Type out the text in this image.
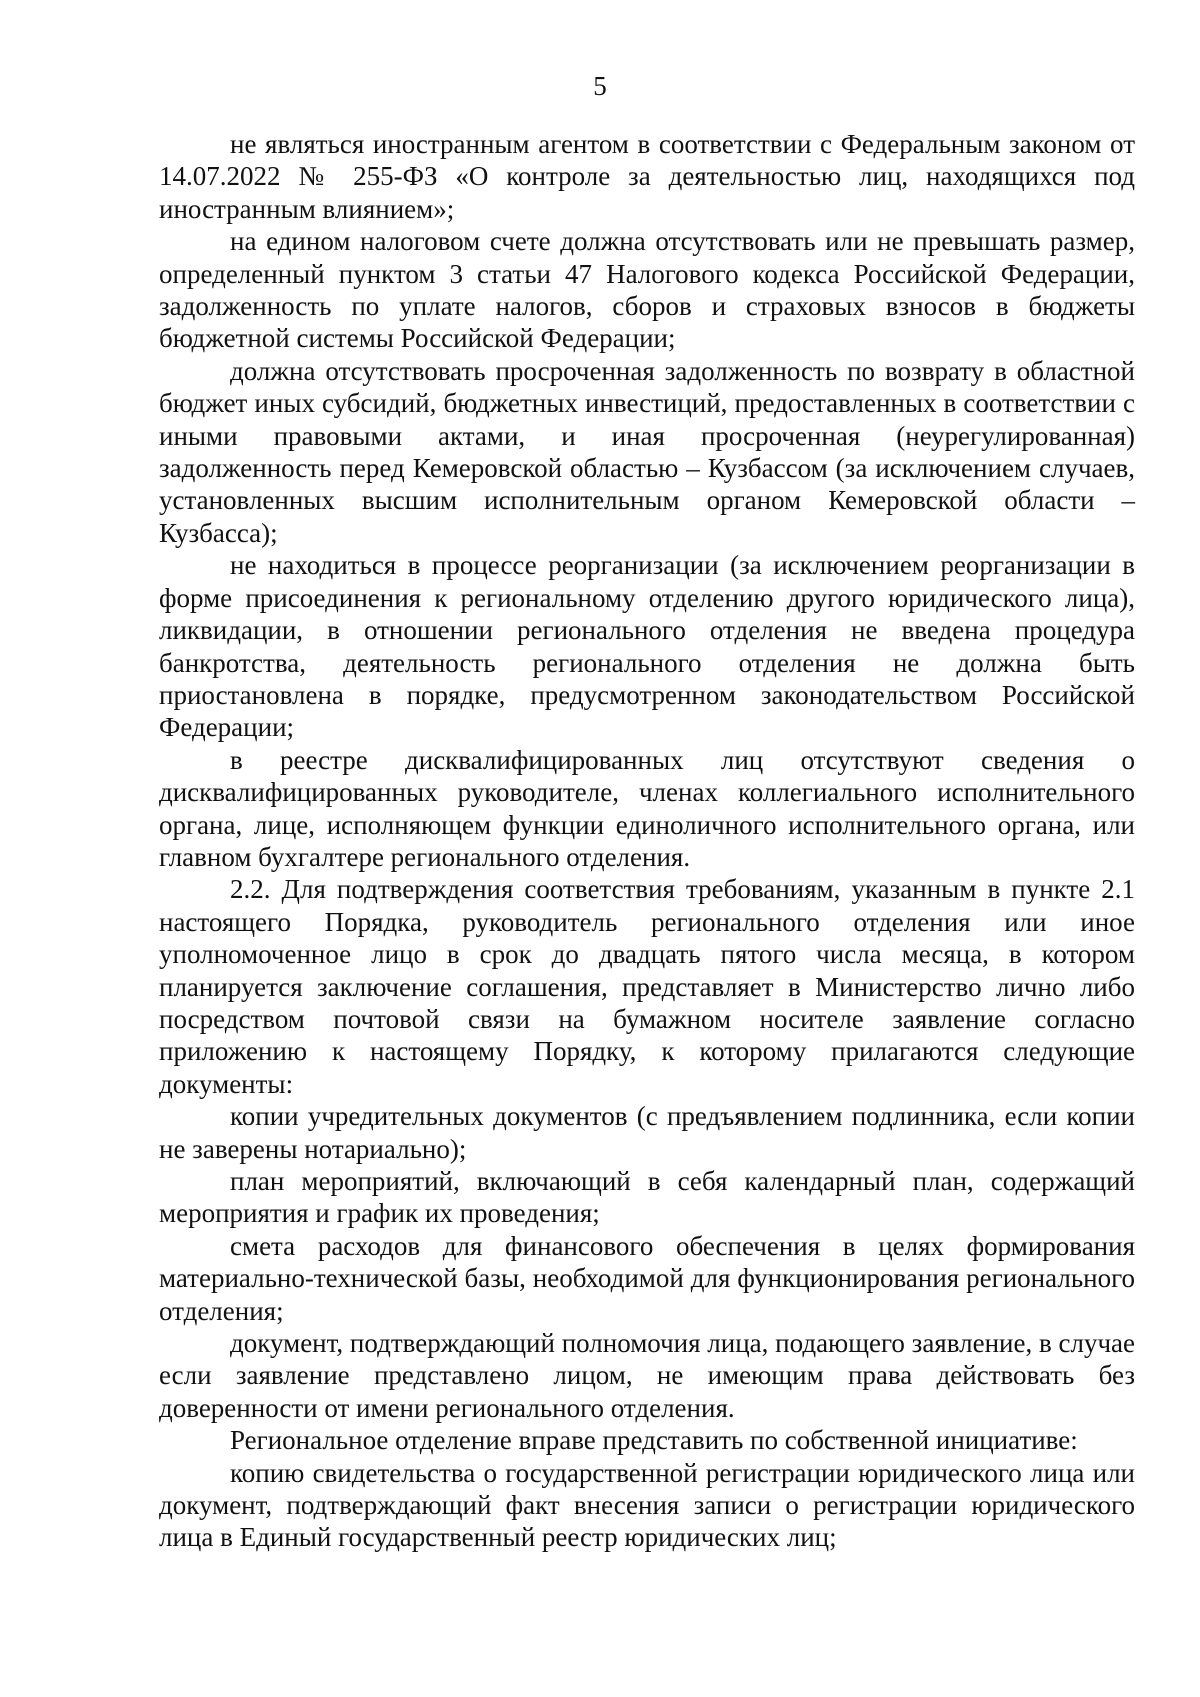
5

не являться иностранным агентом в соответствии с Федеральным законом от 14.07.2022 № 255-ФЗ «О контроле за деятельностью лиц, находящихся под иностранным влиянием»;

на едином налоговом счете должна отсутствовать или не превышать размер, определенный пунктом 3 статьи 47 Налогового кодекса Российской Федерации, задолженность по уплате налогов, сборов и страховых взносов в бюджеты бюджетной системы Российской Федерации;

должна отсутствовать просроченная задолженность по возврату в областной бюджет иных субсидий, бюджетных инвестиций, предоставленных в соответствии с иными правовыми актами, и иная просроченная (неурегулированная) задолженность перед Кемеровской областью – Кузбассом (за исключением случаев, установленных высшим исполнительным органом Кемеровской области – Кузбасса);

не находиться в процессе реорганизации (за исключением реорганизации в форме присоединения к региональному отделению другого юридического лица), ликвидации, в отношении регионального отделения не введена процедура банкротства, деятельность регионального отделения не должна быть приостановлена в порядке, предусмотренном законодательством Российской Федерации;

в реестре дисквалифицированных лиц отсутствуют сведения о дисквалифицированных руководителе, членах коллегиального исполнительного органа, лице, исполняющем функции единоличного исполнительного органа, или главном бухгалтере регионального отделения.

2.2. Для подтверждения соответствия требованиям, указанным в пункте 2.1 настоящего Порядка, руководитель регионального отделения или иное уполномоченное лицо в срок до двадцать пятого числа месяца, в котором планируется заключение соглашения, представляет в Министерство лично либо посредством почтовой связи на бумажном носителе заявление согласно приложению к настоящему Порядку, к которому прилагаются следующие документы:

копии учредительных документов (с предъявлением подлинника, если копии не заверены нотариально);

план мероприятий, включающий в себя календарный план, содержащий мероприятия и график их проведения;

смета расходов для финансового обеспечения в целях формирования материально-технической базы, необходимой для функционирования регионального отделения;

документ, подтверждающий полномочия лица, подающего заявление, в случае если заявление представлено лицом, не имеющим права действовать без доверенности от имени регионального отделения.

Региональное отделение вправе представить по собственной инициативе:

копию свидетельства о государственной регистрации юридического лица или документ, подтверждающий факт внесения записи о регистрации юридического лица в Единый государственный реестр юридических лиц;
